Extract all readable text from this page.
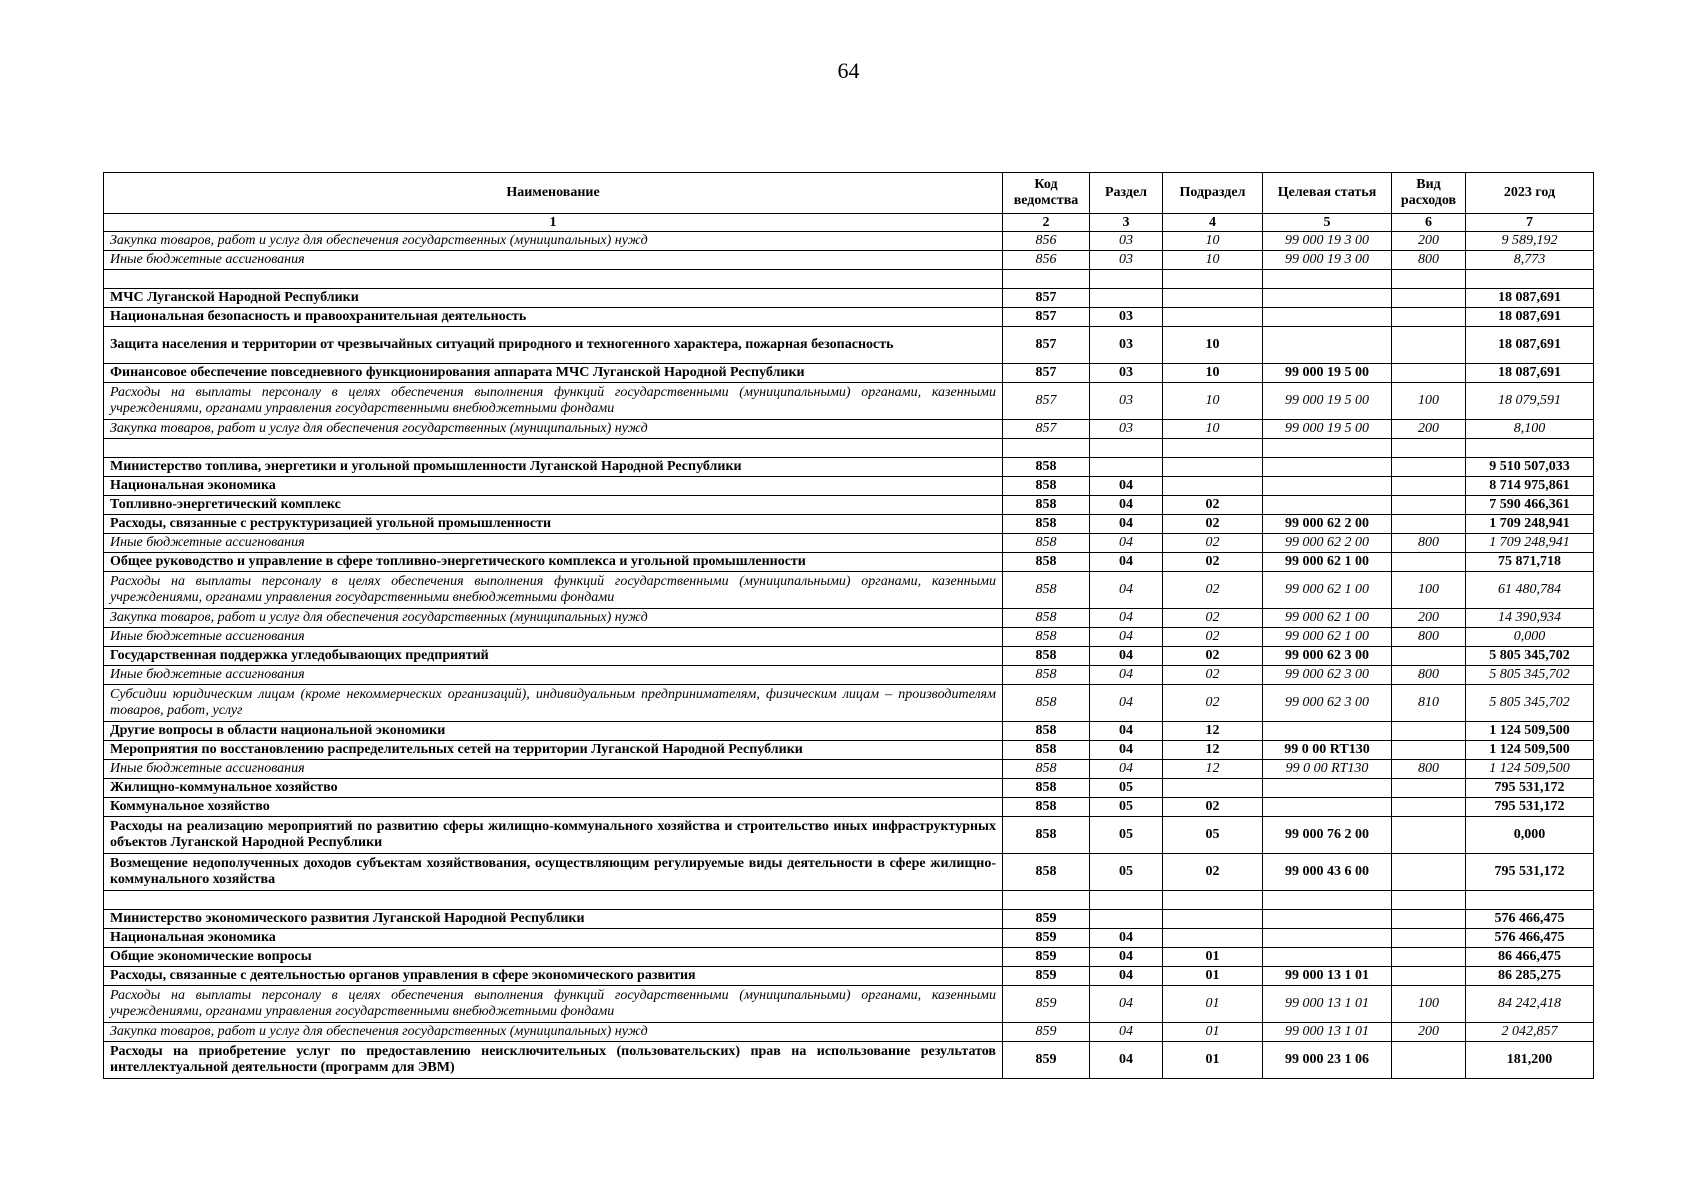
64
Наименование	Код ведомства	Раздел	Подраздел	Целевая статья	Вид расходов	2023 год
1	2	3	4	5	6	7
Закупка товаров, работ и услуг для обеспечения государственных (муниципальных) нужд	856	03	10	99 000 19 3 00	200	9 589,192
Иные бюджетные ассигнования	856	03	10	99 000 19 3 00	800	8,773

МЧС Луганской Народной Республики	857					18 087,691
Национальная безопасность и правоохранительная деятельность	857	03				18 087,691
Защита населения и территории от чрезвычайных ситуаций природного и техногенного характера, пожарная безопасность	857	03	10			18 087,691
Финансовое обеспечение повседневного функционирования аппарата МЧС Луганской Народной Республики	857	03	10	99 000 19 5 00		18 087,691
Расходы на выплаты персоналу в целях обеспечения выполнения функций государственными (муниципальными) органами, казенными учреждениями, органами управления государственными внебюджетными фондами	857	03	10	99 000 19 5 00	100	18 079,591
Закупка товаров, работ и услуг для обеспечения государственных (муниципальных) нужд	857	03	10	99 000 19 5 00	200	8,100

Министерство топлива, энергетики и угольной промышленности Луганской Народной Республики	858					9 510 507,033
Национальная экономика	858	04				8 714 975,861
Топливно-энергетический комплекс	858	04	02			7 590 466,361
Расходы, связанные с реструктуризацией угольной промышленности	858	04	02	99 000 62 2 00		1 709 248,941
Иные бюджетные ассигнования	858	04	02	99 000 62 2 00	800	1 709 248,941
Общее руководство и управление в сфере топливно-энергетического комплекса и угольной промышленности	858	04	02	99 000 62 1 00		75 871,718
Расходы на выплаты персоналу в целях обеспечения выполнения функций государственными (муниципальными) органами, казенными учреждениями, органами управления государственными внебюджетными фондами	858	04	02	99 000 62 1 00	100	61 480,784
Закупка товаров, работ и услуг для обеспечения государственных (муниципальных) нужд	858	04	02	99 000 62 1 00	200	14 390,934
Иные бюджетные ассигнования	858	04	02	99 000 62 1 00	800	0,000
Государственная поддержка угледобывающих предприятий	858	04	02	99 000 62 3 00		5 805 345,702
Иные бюджетные ассигнования	858	04	02	99 000 62 3 00	800	5 805 345,702
Субсидии юридическим лицам (кроме некоммерческих организаций), индивидуальным предпринимателям, физическим лицам – производителям товаров, работ, услуг	858	04	02	99 000 62 3 00	810	5 805 345,702
Другие вопросы в области национальной экономики	858	04	12			1 124 509,500
Мероприятия по восстановлению распределительных сетей на территории Луганской Народной Республики	858	04	12	99 0 00 RT130		1 124 509,500
Иные бюджетные ассигнования	858	04	12	99 0 00 RT130	800	1 124 509,500
Жилищно-коммунальное хозяйство	858	05				795 531,172
Коммунальное хозяйство	858	05	02			795 531,172
Расходы на реализацию мероприятий по развитию сферы жилищно-коммунального хозяйства и строительство иных инфраструктурных объектов Луганской Народной Республики	858	05	05	99 000 76 2 00		0,000
Возмещение недополученных доходов субъектам хозяйствования, осуществляющим регулируемые виды деятельности в сфере жилищно-коммунального хозяйства	858	05	02	99 000 43 6 00		795 531,172

Министерство экономического развития Луганской Народной Республики	859					576 466,475
Национальная экономика	859	04				576 466,475
Общие экономические вопросы	859	04	01			86 466,475
Расходы, связанные с деятельностью органов управления в сфере экономического развития	859	04	01	99 000 13 1 01		86 285,275
Расходы на выплаты персоналу в целях обеспечения выполнения функций государственными (муниципальными) органами, казенными учреждениями, органами управления государственными внебюджетными фондами	859	04	01	99 000 13 1 01	100	84 242,418
Закупка товаров, работ и услуг для обеспечения государственных (муниципальных) нужд	859	04	01	99 000 13 1 01	200	2 042,857
Расходы на приобретение услуг по предоставлению неисключительных (пользовательских) прав на использование результатов интеллектуальной деятельности (программ для ЭВМ)	859	04	01	99 000 23 1 06		181,200
